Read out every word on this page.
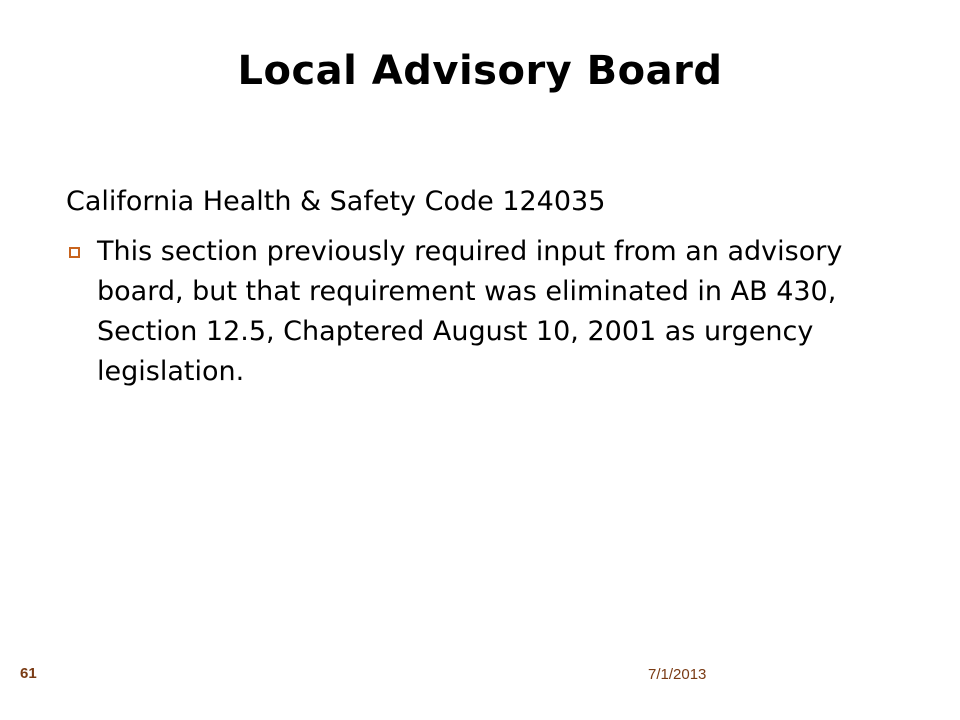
Local Advisory Board

California Health & Safety Code 124035

This section previously required input from an advisory board, but that requirement was eliminated in AB 430, Section 12.5, Chaptered August 10, 2001 as urgency legislation.

61	7/1/2013
